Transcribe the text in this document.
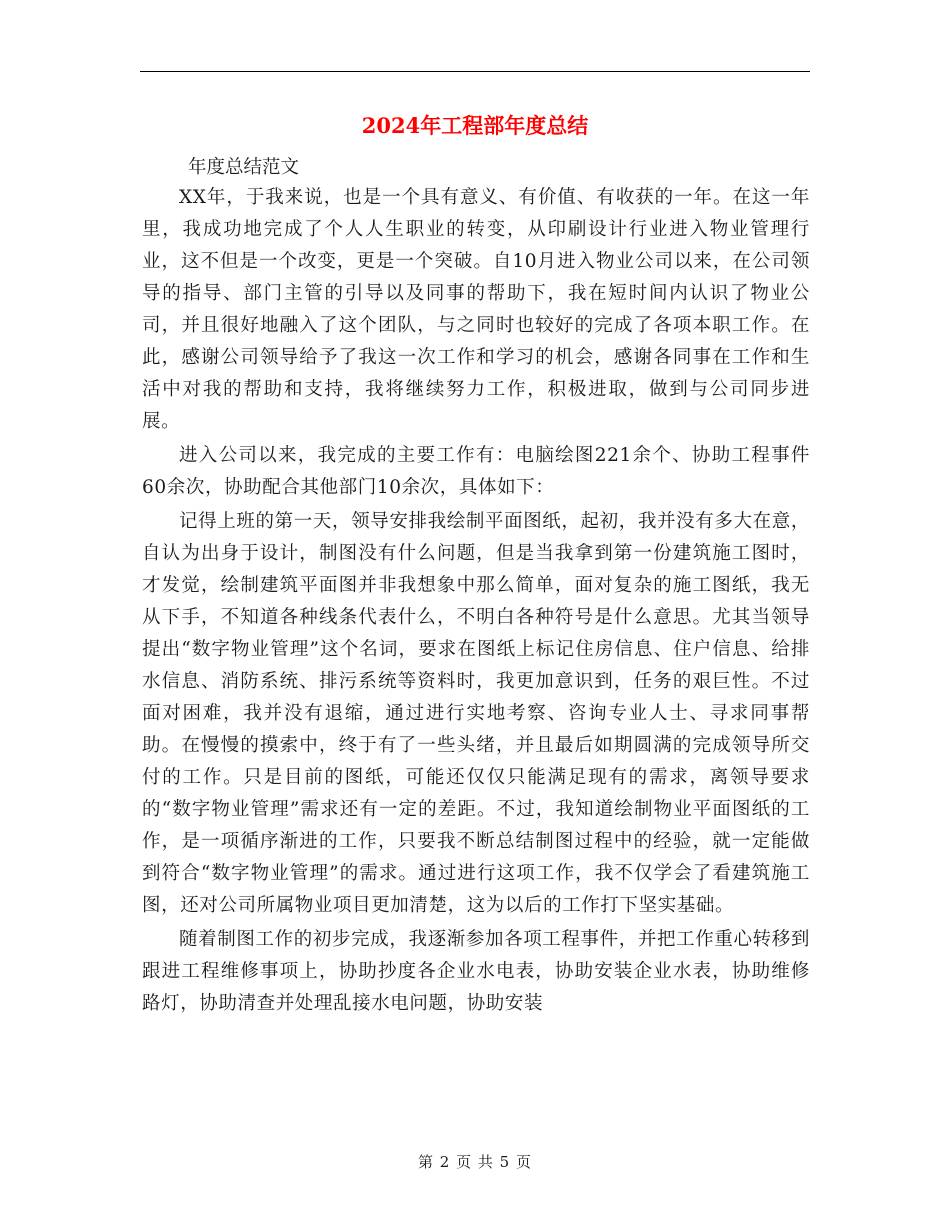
2024年工程部年度总结

年度总结范文

XX年，于我来说，也是一个具有意义、有价值、有收获的一年。在这一年里，我成功地完成了个人人生职业的转变，从印刷设计行业进入物业管理行业，这不但是一个改变，更是一个突破。自10月进入物业公司以来，在公司领导的指导、部门主管的引导以及同事的帮助下，我在短时间内认识了物业公司，并且很好地融入了这个团队，与之同时也较好的完成了各项本职工作。在此，感谢公司领导给予了我这一次工作和学习的机会，感谢各同事在工作和生活中对我的帮助和支持，我将继续努力工作，积极进取，做到与公司同步进展。

进入公司以来，我完成的主要工作有：电脑绘图221余个、协助工程事件60余次，协助配合其他部门10余次，具体如下：

记得上班的第一天，领导安排我绘制平面图纸，起初，我并没有多大在意，自认为出身于设计，制图没有什么问题，但是当我拿到第一份建筑施工图时，才发觉，绘制建筑平面图并非我想象中那么简单，面对复杂的施工图纸，我无从下手，不知道各种线条代表什么，不明白各种符号是什么意思。尤其当领导提出“数字物业管理”这个名词，要求在图纸上标记住房信息、住户信息、给排水信息、消防系统、排污系统等资料时，我更加意识到，任务的艰巨性。不过面对困难，我并没有退缩，通过进行实地考察、咨询专业人士、寻求同事帮助。在慢慢的摸索中，终于有了一些头绪，并且最后如期圆满的完成领导所交付的工作。只是目前的图纸，可能还仅仅只能满足现有的需求，离领导要求的“数字物业管理”需求还有一定的差距。不过，我知道绘制物业平面图纸的工作，是一项循序渐进的工作，只要我不断总结制图过程中的经验，就一定能做到符合“数字物业管理”的需求。通过进行这项工作，我不仅学会了看建筑施工图，还对公司所属物业项目更加清楚，这为以后的工作打下坚实基础。

随着制图工作的初步完成，我逐渐参加各项工程事件，并把工作重心转移到跟进工程维修事项上，协助抄度各企业水电表，协助安装企业水表，协助维修路灯，协助清查并处理乱接水电问题，协助安装

第 2 页 共 5 页
